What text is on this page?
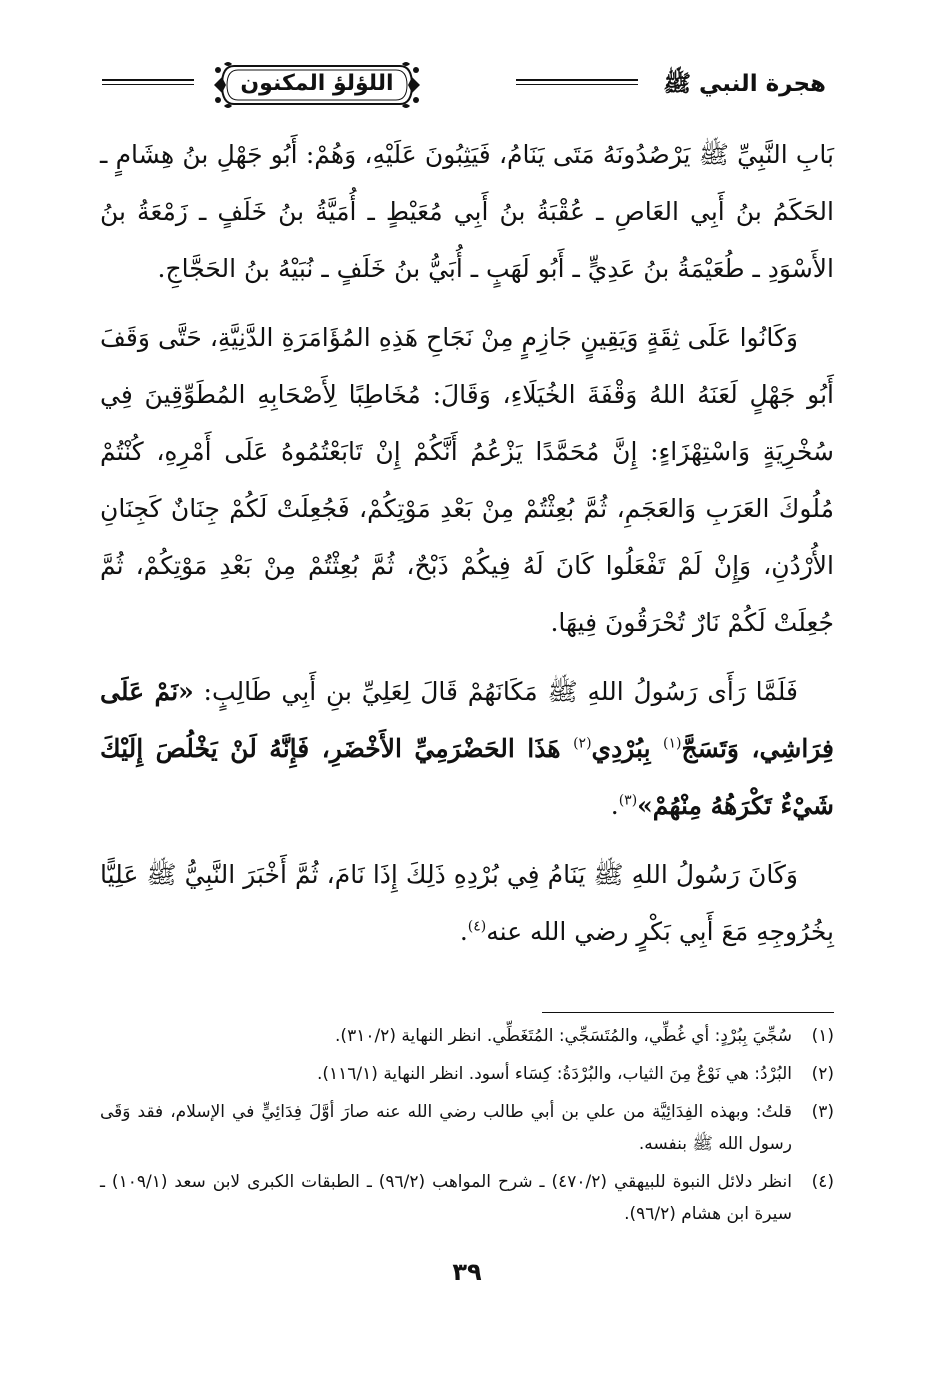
هجرة النبي ﷺ
اللؤلؤ المكنون

بَابِ النَّبِيِّ ﷺ يَرْصُدُونَهُ مَتَى يَنَامُ، فَيَثِبُونَ عَلَيْهِ، وَهُمْ: أَبُو جَهْلِ بنُ هِشَامٍ ـ الحَكَمُ بنُ أَبِي العَاصِ ـ عُقْبَةُ بنُ أَبِي مُعَيْطٍ ـ أُمَيَّةُ بنُ خَلَفٍ ـ زَمْعَةُ بنُ الأَسْوَدِ ـ طُعَيْمَةُ بنُ عَدِيٍّ ـ أَبُو لَهَبٍ ـ أُبَيُّ بنُ خَلَفٍ ـ نُبَيْهُ بنُ الحَجَّاجِ.

وَكَانُوا عَلَى ثِقَةٍ وَيَقِينٍ جَازِمٍ مِنْ نَجَاحِ هَذِهِ المُؤَامَرَةِ الدَّنِيَّةِ، حَتَّى وَقَفَ أَبُو جَهْلٍ لَعَنَهُ اللهُ وَقْفَةَ الخُيَلَاءِ، وَقَالَ: مُخَاطِبًا لِأَصْحَابِهِ المُطَوِّقِينَ فِي سُخْرِيَةٍ وَاسْتِهْزَاءٍ: إِنَّ مُحَمَّدًا يَزْعُمُ أَنَّكُمْ إِنْ تَابَعْتُمُوهُ عَلَى أَمْرِهِ، كُنْتُمْ مُلُوكَ العَرَبِ وَالعَجَمِ، ثُمَّ بُعِثْتُمْ مِنْ بَعْدِ مَوْتِكُمْ، فَجُعِلَتْ لَكُمْ جِنَانٌ كَجِنَانِ الأُرْدُنِ، وَإِنْ لَمْ تَفْعَلُوا كَانَ لَهُ فِيكُمْ ذَبْحٌ، ثُمَّ بُعِثْتُمْ مِنْ بَعْدِ مَوْتِكُمْ، ثُمَّ جُعِلَتْ لَكُمْ نَارٌ تُحْرَقُونَ فِيهَا.

فَلَمَّا رَأَى رَسُولُ اللهِ ﷺ مَكَانَهُمْ قَالَ لِعَلِيِّ بنِ أَبِي طَالِبٍ: «نَمْ عَلَى فِرَاشِي، وَتَسَجَّ$^{(١)}$ بِبُرْدِي$^{(٢)}$ هَذَا الحَضْرَمِيِّ الأَخْضَرِ، فَإِنَّهُ لَنْ يَخْلُصَ إِلَيْكَ شَيْءٌ تَكْرَهُهُ مِنْهُمْ»$^{(٣)}$.

وَكَانَ رَسُولُ اللهِ ﷺ يَنَامُ فِي بُرْدِهِ ذَلِكَ إِذَا نَامَ، ثُمَّ أَخْبَرَ النَّبِيُّ ﷺ عَلِيًّا بِخُرُوجِهِ مَعَ أَبِي بَكْرٍ رضي الله عنه$^{(٤)}$.

(١)
سُجِّيَ بِبُرْدٍ: أي غُطِّي، والمُتَسَجِّي: المُتَغَطِّي. انظر النهاية (٣١٠/٢).
(٢)
البُرْدُ: هي نَوْعٌ مِنَ الثياب، والبُرْدَةُ: كِسَاء أسود. انظر النهاية (١١٦/١).
(٣)
قلتُ: وبهذه الفِدَائِيَّة من علي بن أبي طالب رضي الله عنه صارَ أوَّلَ فِدَائِيٍّ في الإسلام، فقد وَقَى رسول الله ﷺ بنفسه.
(٤)
انظر دلائل النبوة للبيهقي (٤٧٠/٢) ـ شرح المواهب (٩٦/٢) ـ الطبقات الكبرى لابن سعد (١٠٩/١) ـ سيرة ابن هشام (٩٦/٢).
٣٩
